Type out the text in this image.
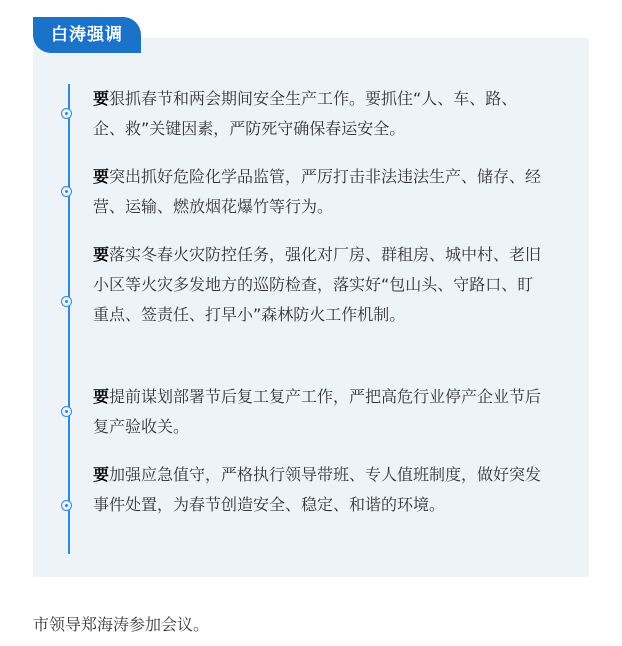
白涛强调
要狠抓春节和两会期间安全生产工作。要抓住“人、车、路、企、救”关键因素，严防死守确保春运安全。
要突出抓好危险化学品监管，严厉打击非法违法生产、储存、经营、运输、燃放烟花爆竹等行为。
要落实冬春火灾防控任务，强化对厂房、群租房、城中村、老旧小区等火灾多发地方的巡防检查，落实好“包山头、守路口、盯重点、签责任、打早小”森林防火工作机制。
要提前谋划部署节后复工复产工作，严把高危行业停产企业节后复产验收关。
要加强应急值守，严格执行领导带班、专人值班制度，做好突发事件处置，为春节创造安全、稳定、和谐的环境。
市领导郑海涛参加会议。
